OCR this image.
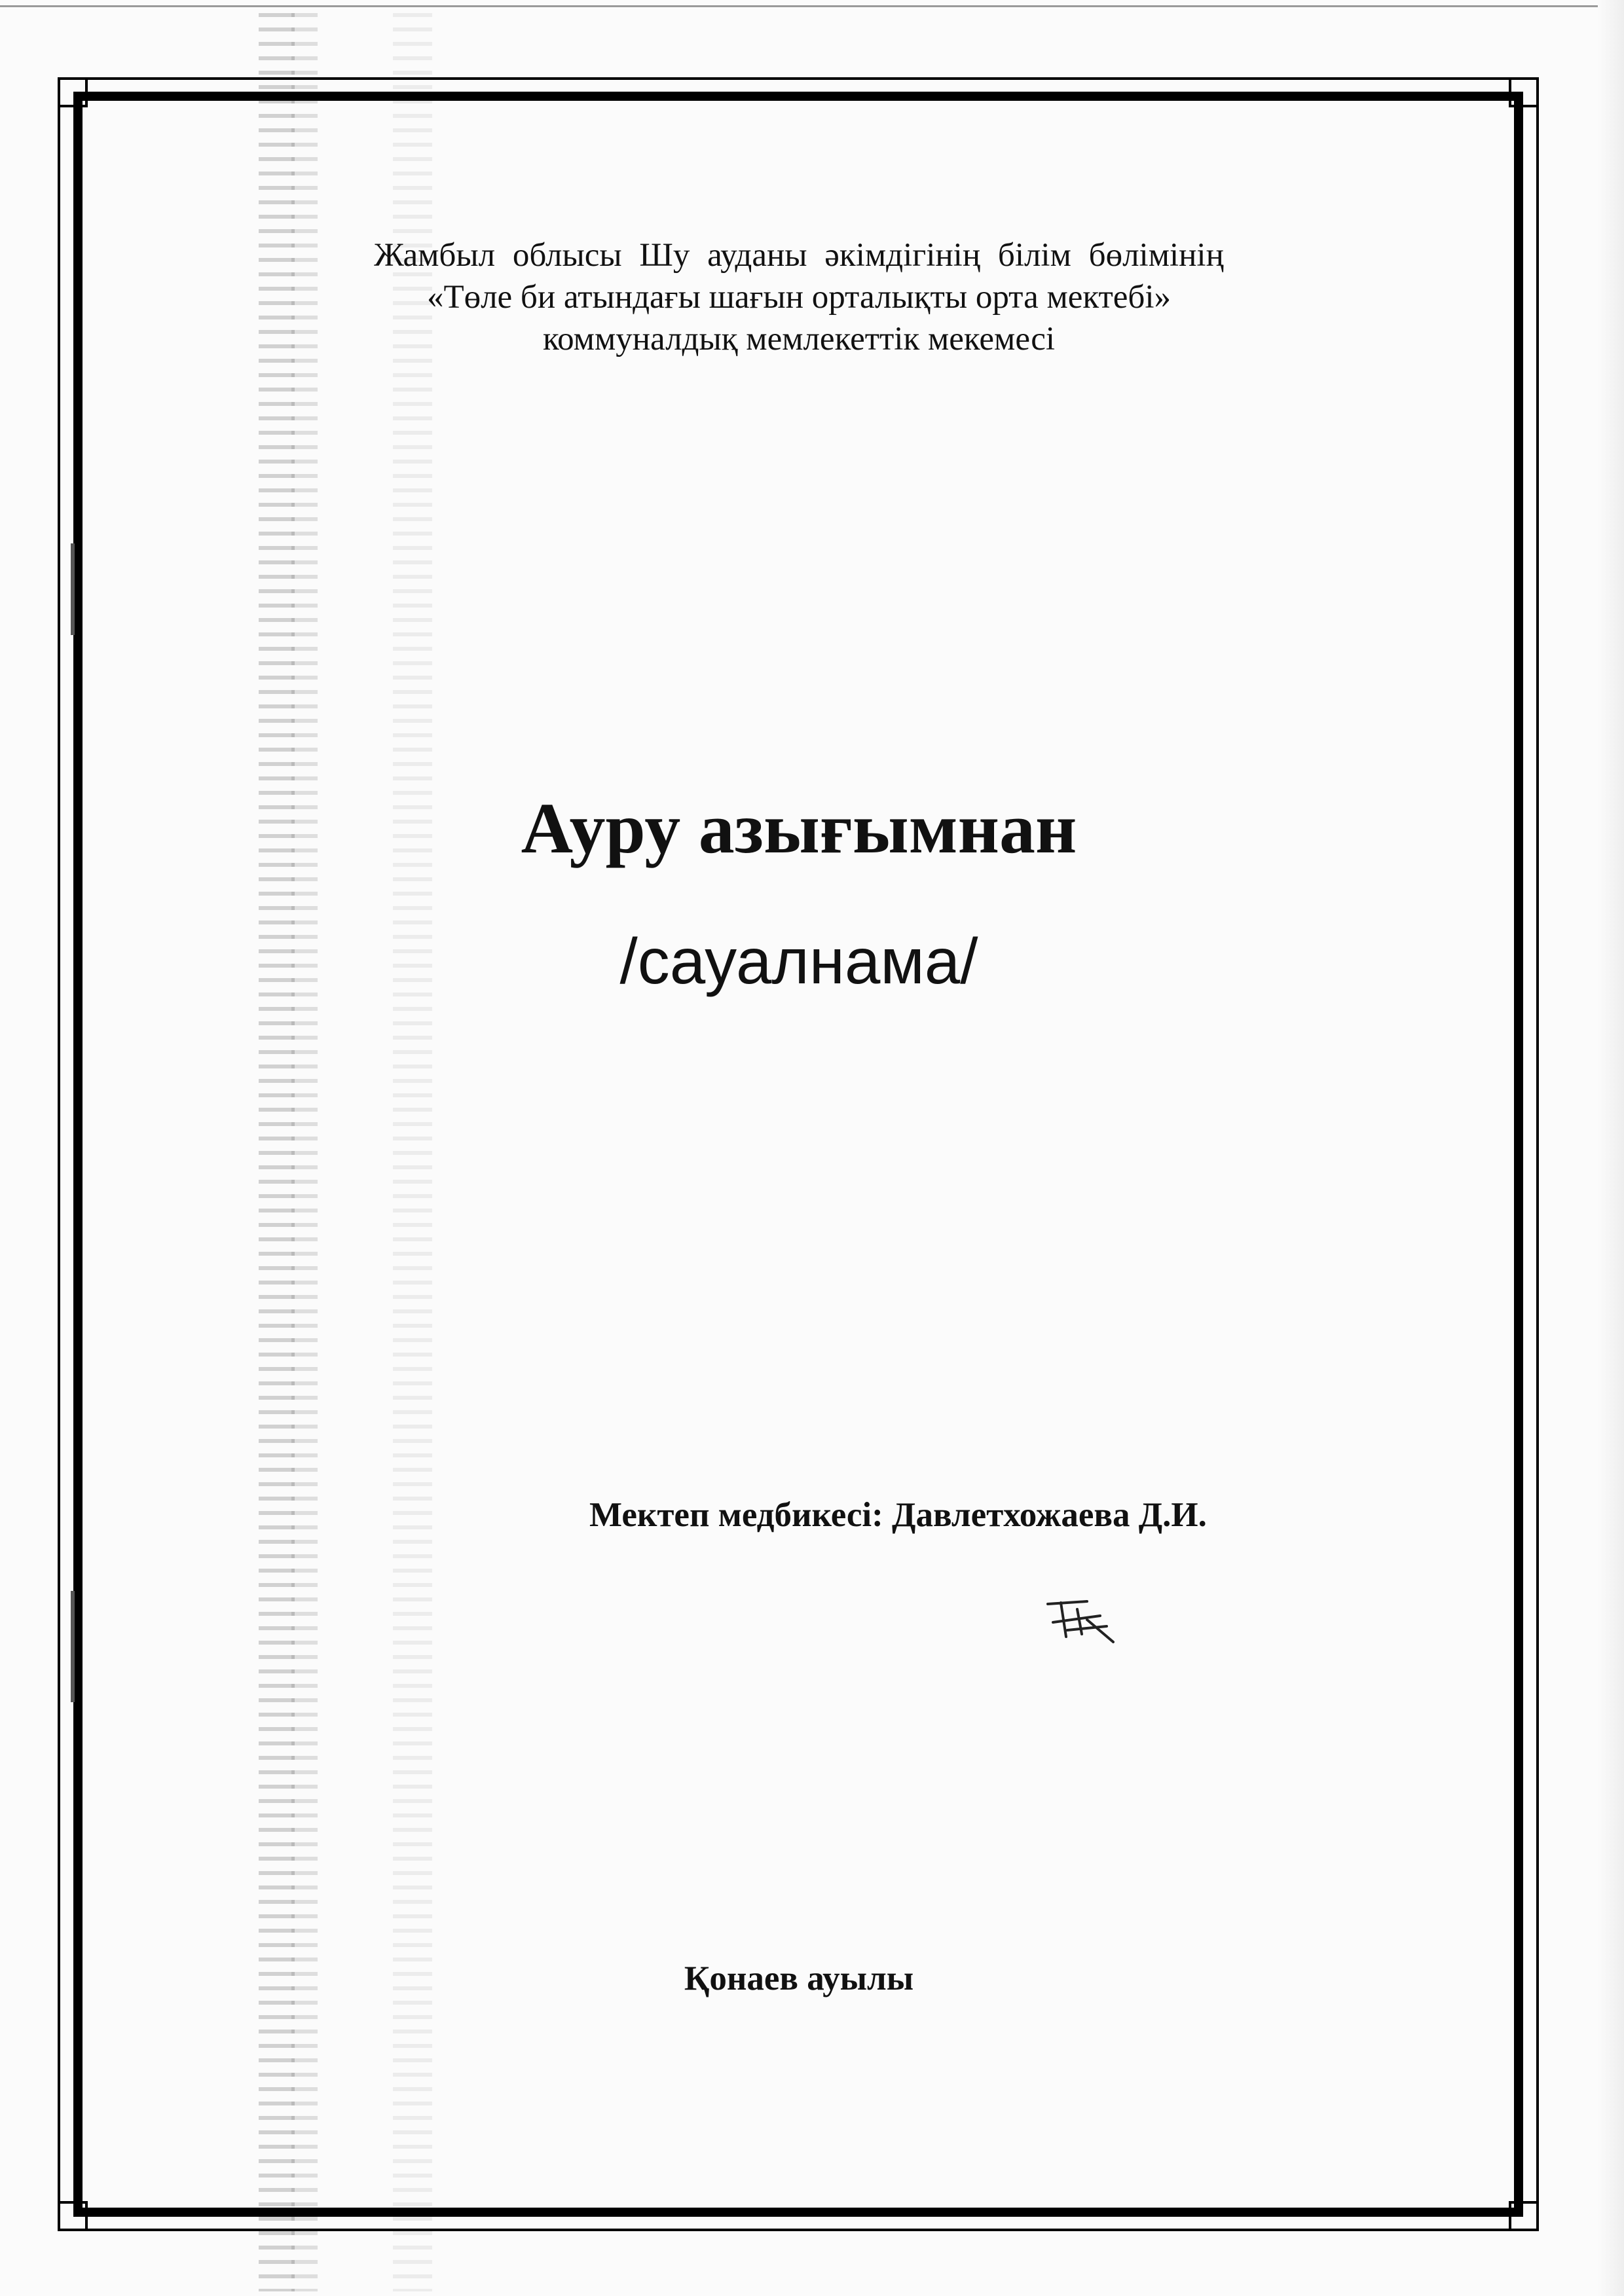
Жамбыл облысы Шу ауданы әкімдігінің білім бөлімінің
«Төле би атындағы шағын орталықты орта мектебі»
коммуналдық мемлекеттік мекемесі
Ауру азығымнан
/сауалнама/
Мектеп медбикесі: Давлетхожаева Д.И.
Қонаев ауылы
